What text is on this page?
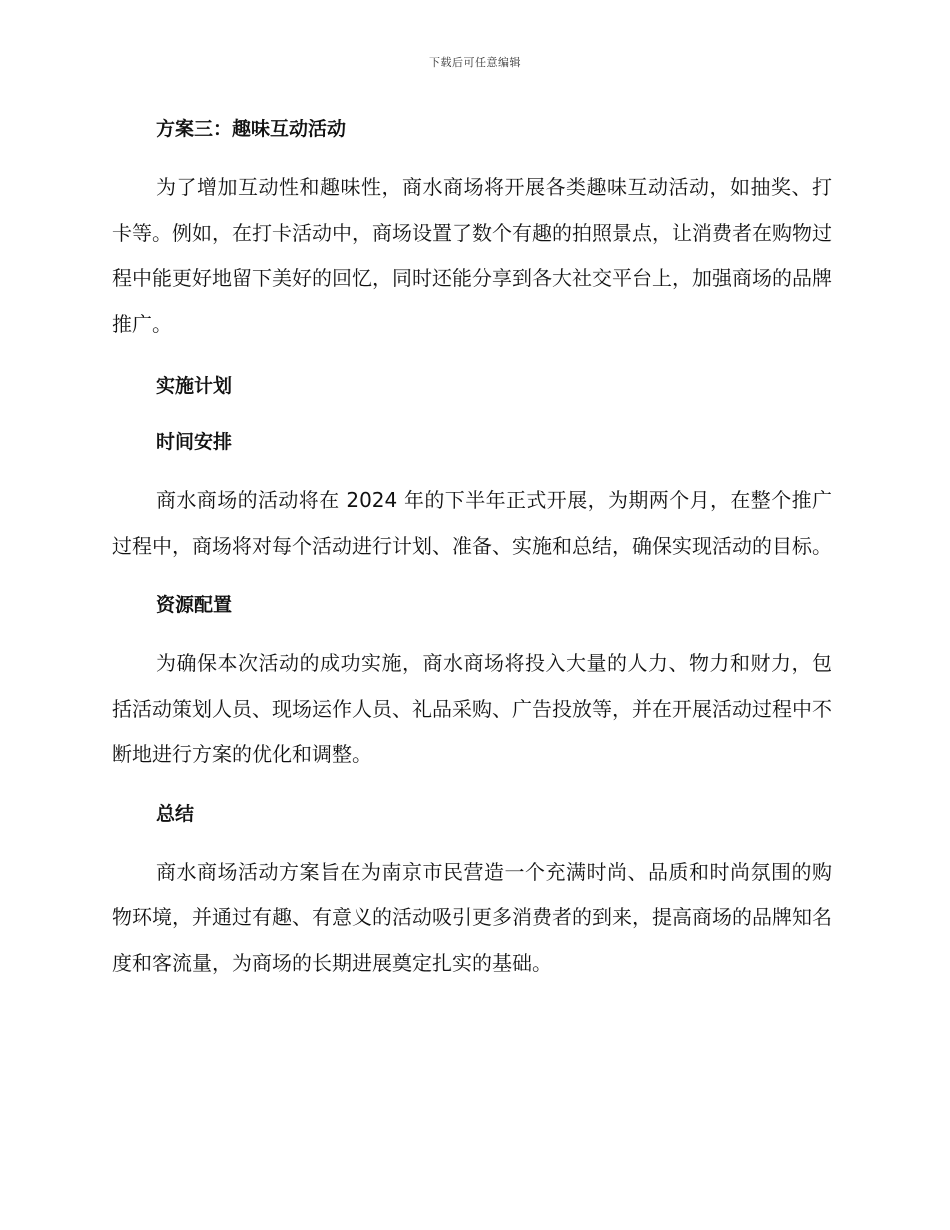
下载后可任意编辑
方案三：趣味互动活动

为了增加互动性和趣味性，商水商场将开展各类趣味互动活动，如抽奖、打卡等。例如，在打卡活动中，商场设置了数个有趣的拍照景点，让消费者在购物过程中能更好地留下美好的回忆，同时还能分享到各大社交平台上，加强商场的品牌推广。

实施计划
时间安排

商水商场的活动将在 2024 年的下半年正式开展，为期两个月，在整个推广过程中，商场将对每个活动进行计划、准备、实施和总结，确保实现活动的目标。

资源配置

为确保本次活动的成功实施，商水商场将投入大量的人力、物力和财力，包括活动策划人员、现场运作人员、礼品采购、广告投放等，并在开展活动过程中不断地进行方案的优化和调整。

总结

商水商场活动方案旨在为南京市民营造一个充满时尚、品质和时尚氛围的购物环境，并通过有趣、有意义的活动吸引更多消费者的到来，提高商场的品牌知名度和客流量，为商场的长期进展奠定扎实的基础。
